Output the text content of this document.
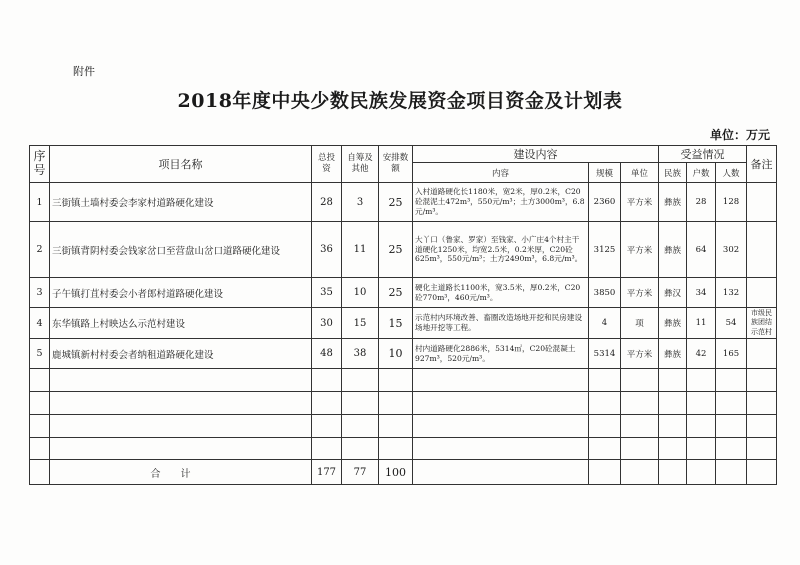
附件
2018年度中央少数民族发展资金项目资金及计划表
单位：万元
序号	项目名称	总投资	自筹及其他	安排数额	建设内容			受益情况			备注
					内容	规模	单位	民族	户数	人数	
1	三街镇土墙村委会李家村道路硬化建设	28	3	25	入村道路硬化长1180米，宽2米，厚0.2米，C20砼混泥土472m³，550元/m³；土方3000m³，6.8元/m³。	2360	平方米	彝族	28	128	
2	三街镇背阴村委会钱家岔口至营盘山岔口道路硬化建设	36	11	25	大丫口（鲁家、罗家）至钱家、小广庄4个村主干道硬化1250米，均宽2.5米，0.2米厚，C20砼625m³，550元/m³；土方2490m³，6.8元/m³。	3125	平方米	彝族	64	302	
3	子午镇打苴村委会小者郎村道路硬化建设	35	10	25	硬化主道路长1100米，宽3.5米，厚0.2米，C20砼770m³，460元/m³。	3850	平方米	彝汉	34	132	
4	东华镇路上村映达么示范村建设	30	15	15	示范村内环境改善、畜圈改造场地开挖和民房建设场地开挖等工程。	4	项	彝族	11	54	市级民族团结示范村
5	鹿城镇新村村委会者纳租道路硬化建设	48	38	10	村内道路硬化2886米，5314㎡，C20砼混凝土927m³，520元/m³。	5314	平方米	彝族	42	165	

	合计	177	77	100							
